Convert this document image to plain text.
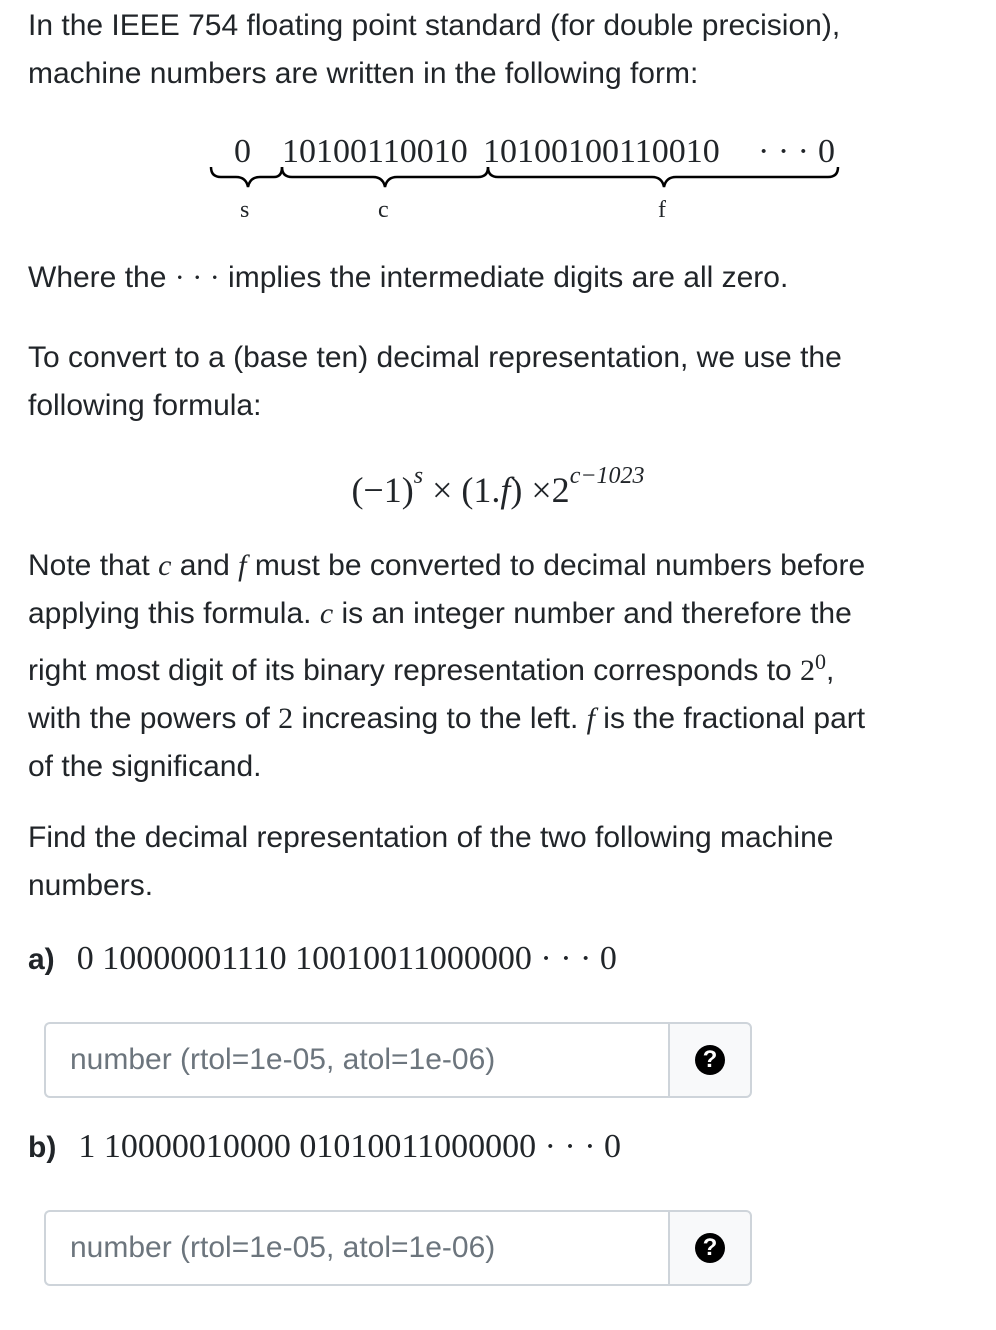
In the IEEE 754 floating point standard (for double precision),

machine numbers are written in the following form:

0 10100110010 10100100110010 · · · 0
s	c	f

Where the · · · implies the intermediate digits are all zero.

To convert to a (base ten) decimal representation, we use the

following formula:

$(-1)^s \times (1.f) \times 2^{c-1023}$

Note that c and f must be converted to decimal numbers before

applying this formula. c is an integer number and therefore the

right most digit of its binary representation corresponds to $2^0$,

with the powers of 2 increasing to the left. f is the fractional part

of the significand.

Find the decimal representation of the two following machine

numbers.

a) 0 10000001110 10010011000000 · · · 0
number (rtol=1e-05, atol=1e-06)
?
b) 1 10000010000 01010011000000 · · · 0
number (rtol=1e-05, atol=1e-06)
?
